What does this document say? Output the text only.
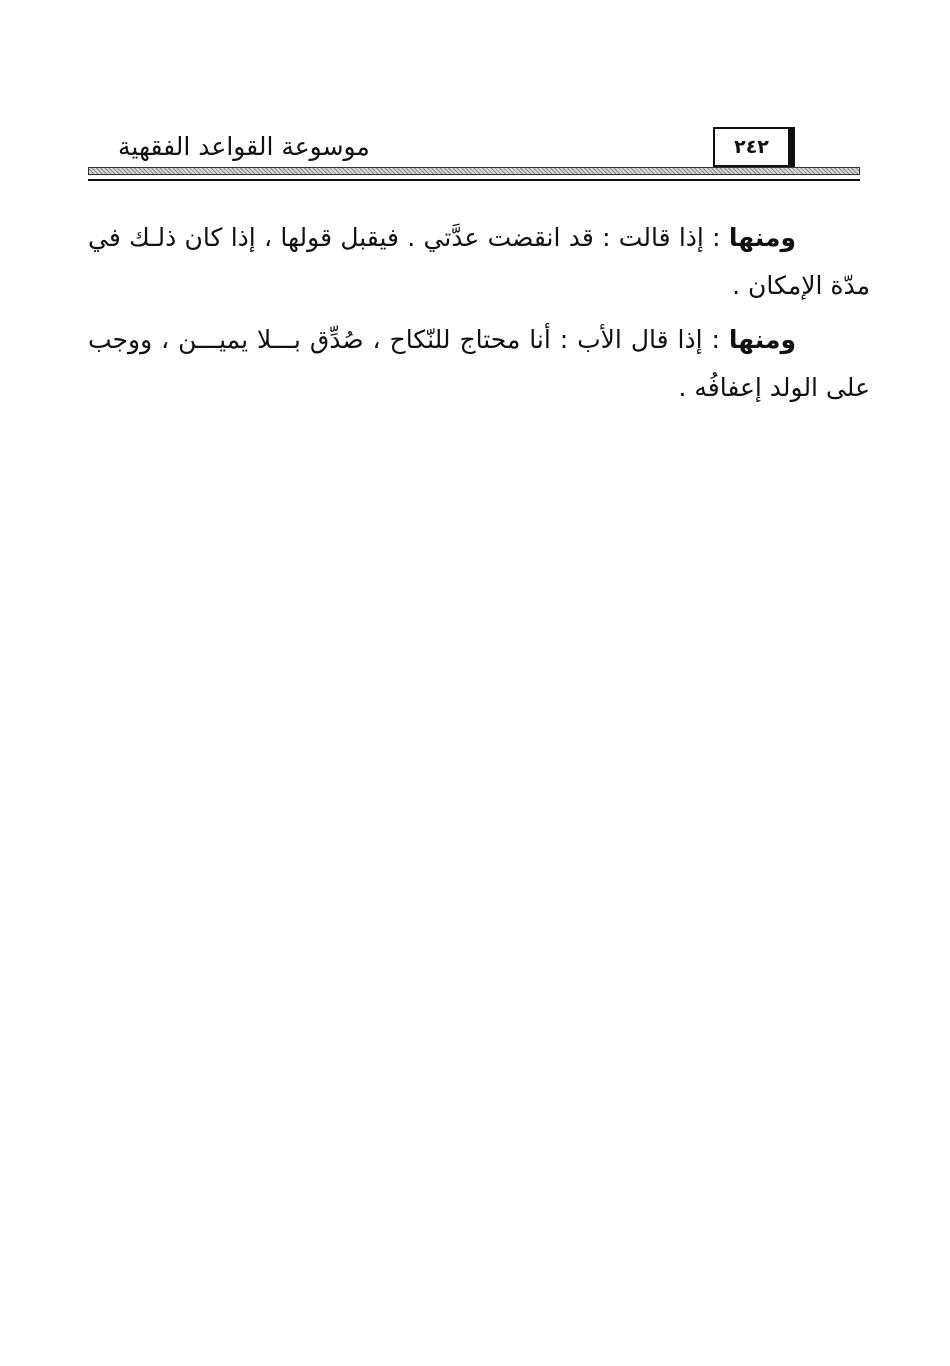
موسوعة القواعد الفقهية	٢٤٢

ومنها : إذا قالت : قد انقضت عدَّتي . فيقبل قولها ، إذا كان ذلـك في مدّة الإمكان .

ومنها : إذا قال الأب : أنا محتاج للنّكاح ، صُدِّق بـــلا يميـــن ، ووجب على الولد إعفافُه .
